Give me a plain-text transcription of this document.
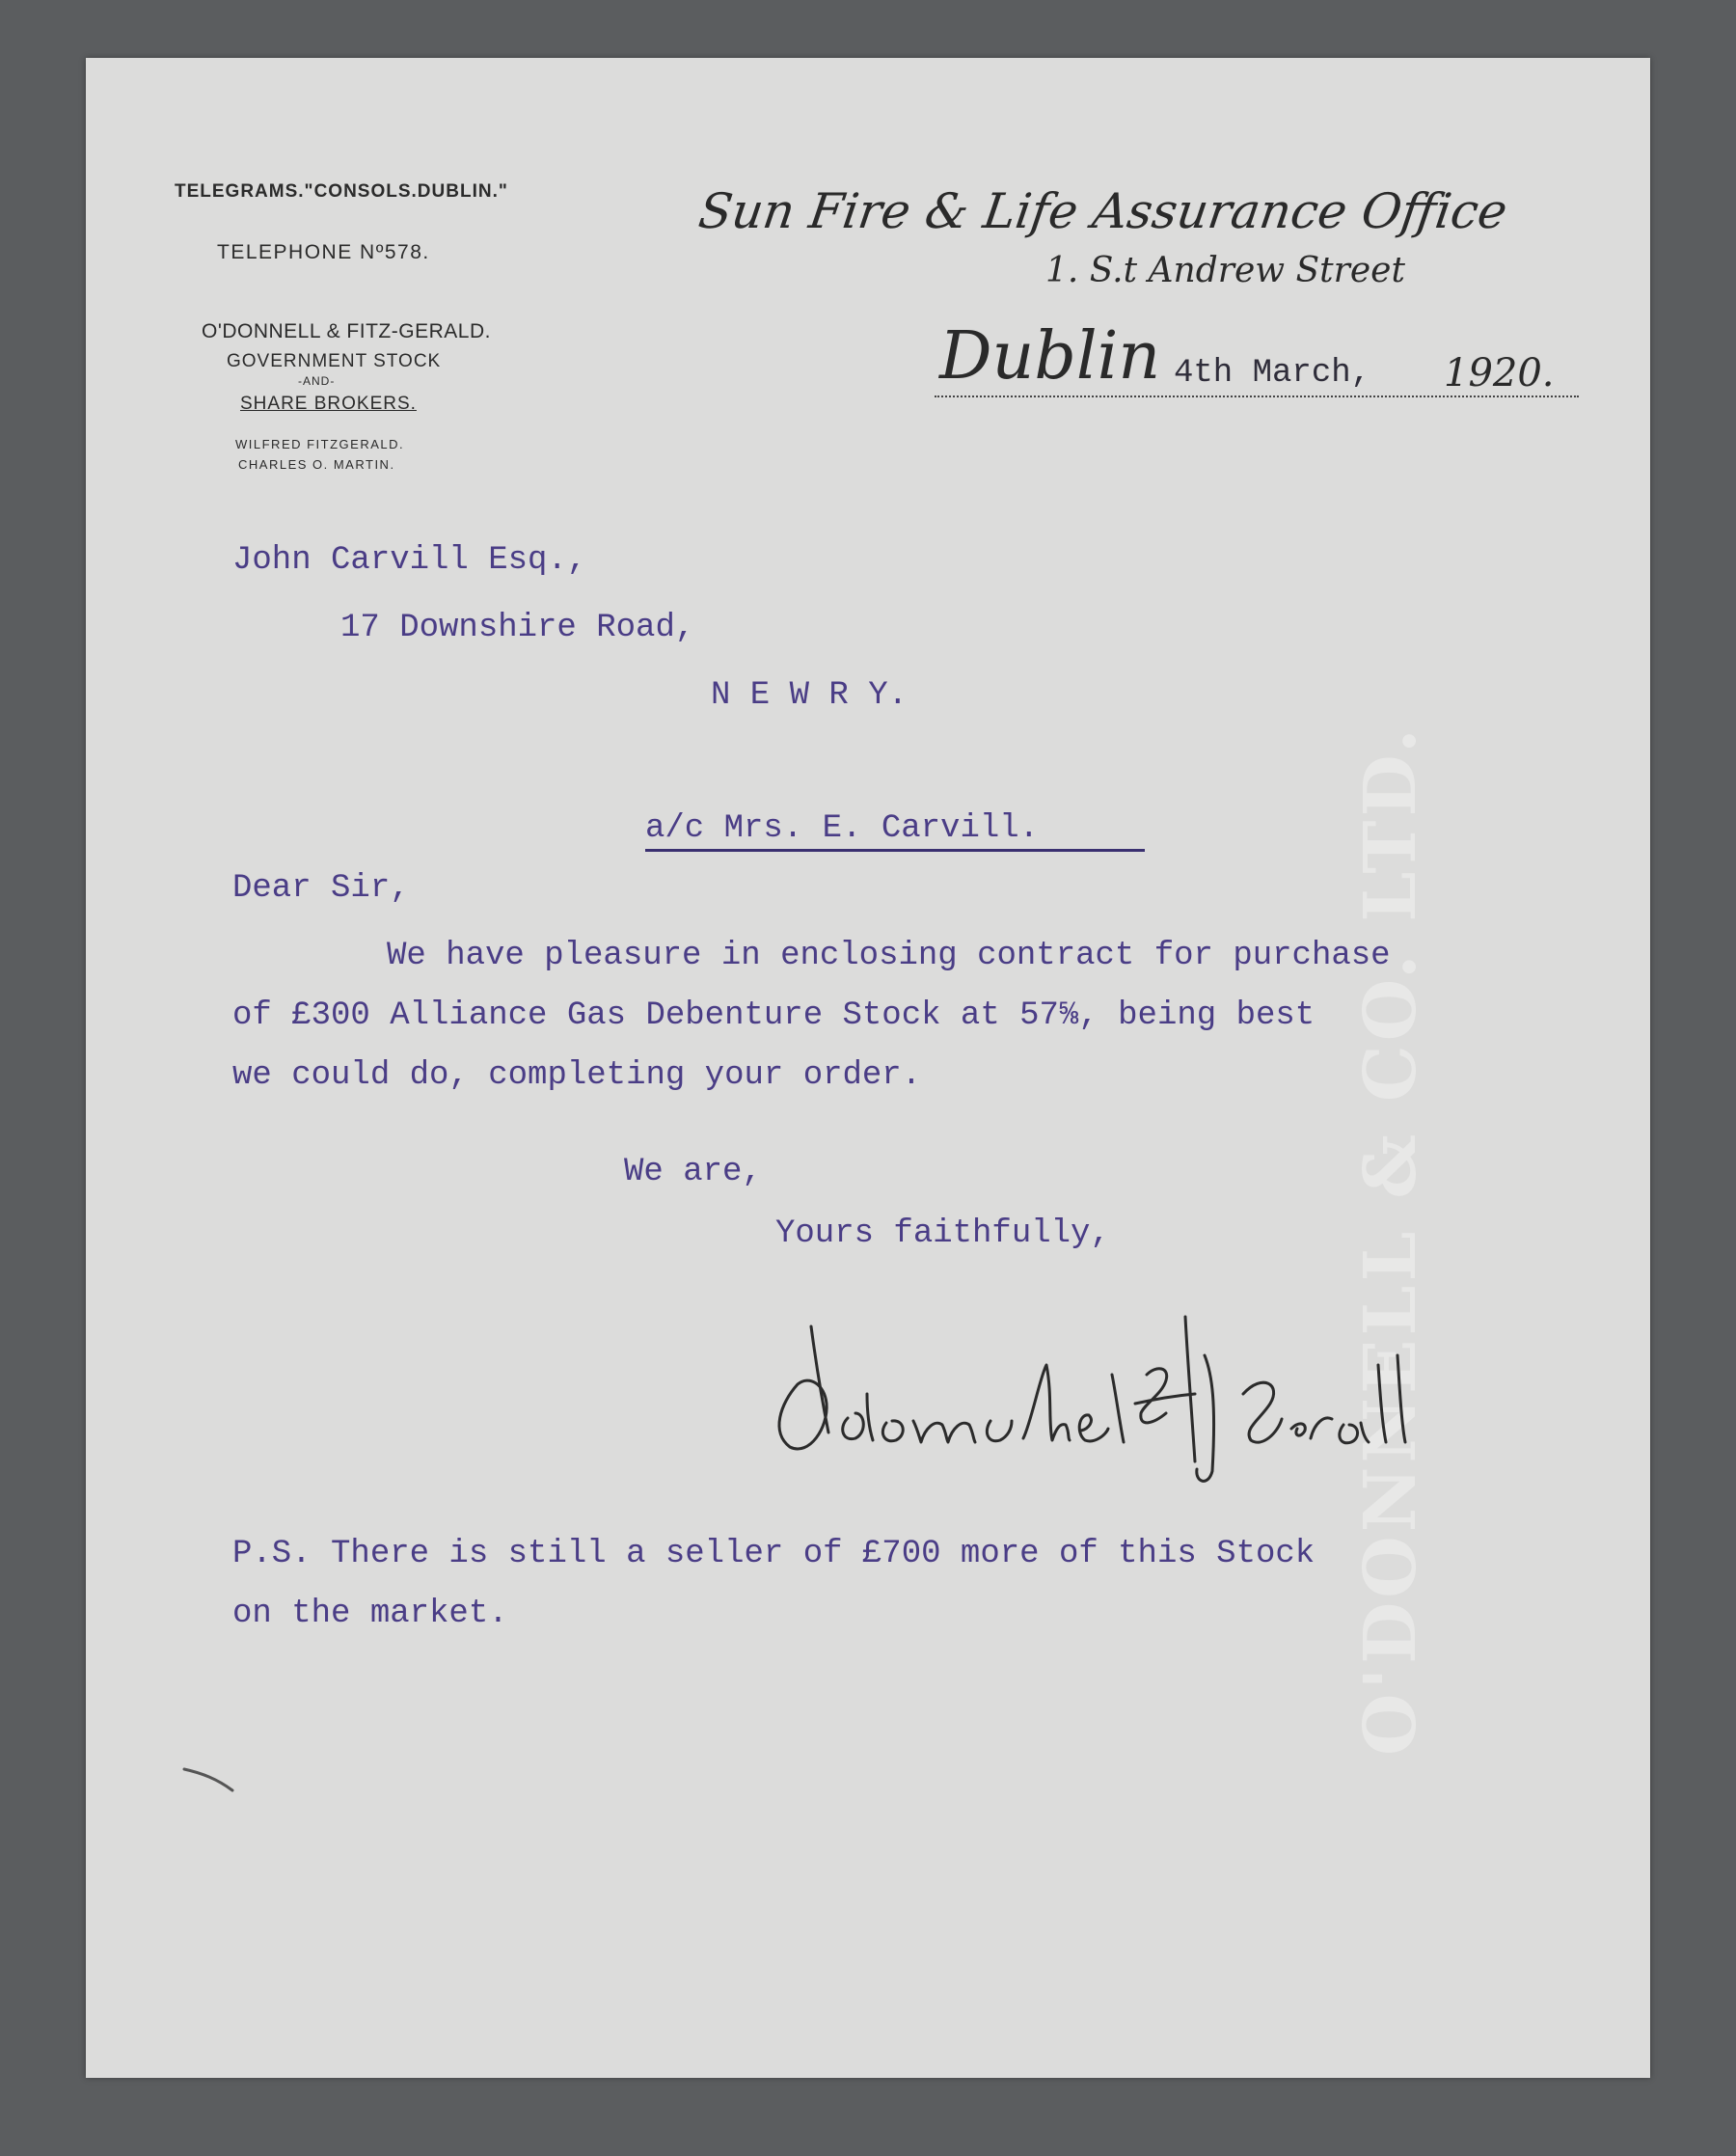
O'DONNELL & CO. LTD.
TELEGRAMS."CONSOLS.DUBLIN."
TELEPHONE Nº578.
O'DONNELL & FITZ-GERALD.
GOVERNMENT STOCK
-AND-
SHARE BROKERS.
WILFRED FITZGERALD.
CHARLES O. MARTIN.
Sun Fire & Life Assurance Office
1. S.t Andrew Street
Dublin 4th March, 1920.
John Carvill Esq.,
17 Downshire Road,
N E W R Y.
a/c Mrs. E. Carvill.
Dear Sir,
We have pleasure in enclosing contract for purchase
of £300 Alliance Gas Debenture Stock at 57⅝, being best
we could do, completing your order.
We are,
Yours faithfully,
P.S. There is still a seller of £700 more of this Stock
on the market.
